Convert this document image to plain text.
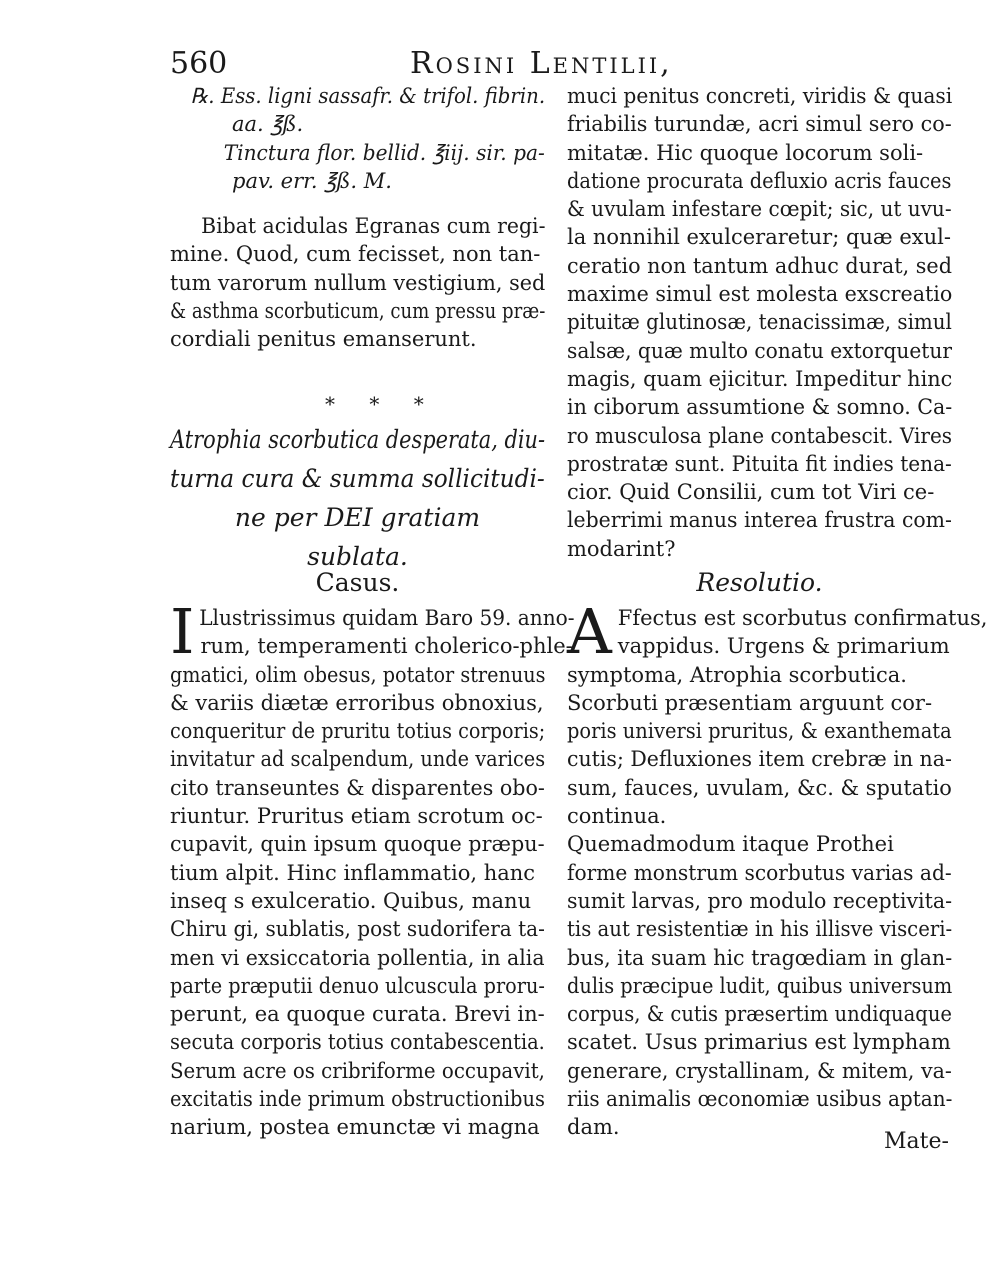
560	Rosini Lentilii,
℞. Ess. ligni sassafr. & trifol. fibrin.
aa. ℥ß.
Tinctura flor. bellid. ℥iij. sir. pa-
pav. err. ℥ß. M.
Bibat acidulas Egranas cum regi-
mine. Quod, cum fecisset, non tan-
tum varorum nullum vestigium, sed
& asthma scorbuticum, cum pressu præ-
cordiali penitus emanserunt.
* * *
Atrophia scorbutica desperata, diu-
turna cura & summa sollicitudi-
ne per DEI gratiam
sublata.
Casus.
I Llustrissimus quidam Baro 59. anno-
rum, temperamenti cholerico-phle-
gmatici, olim obesus, potator strenuus
& variis diætæ erroribus obnoxius,
conqueritur de pruritu totius corporis;
invitatur ad scalpendum, unde varices
cito transeuntes & disparentes obo-
riuntur. Pruritus etiam scrotum oc-
cupavit, quin ipsum quoque præpu-
tium alpit. Hinc inflammatio, hanc
inseq s exulceratio. Quibus, manu
Chiru gi, sublatis, post sudorifera ta-
men vi exsiccatoria pollentia, in alia
parte præputii denuo ulcuscula proru-
perunt, ea quoque curata. Brevi in-
secuta corporis totius contabescentia.
Serum acre os cribriforme occupavit,
excitatis inde primum obstructionibus
narium, postea emunctæ vi magna
muci penitus concreti, viridis & quasi
friabilis turundæ, acri simul sero co-
mitatæ. Hic quoque locorum soli-
datione procurata defluxio acris fauces
& uvulam infestare cœpit; sic, ut uvu-
la nonnihil exulceraretur; quæ exul-
ceratio non tantum adhuc durat, sed
maxime simul est molesta exscreatio
pituitæ glutinosæ, tenacissimæ, simul
salsæ, quæ multo conatu extorquetur
magis, quam ejicitur. Impeditur hinc
in ciborum assumtione & somno. Ca-
ro musculosa plane contabescit. Vires
prostratæ sunt. Pituita fit indies tena-
cior. Quid Consilii, cum tot Viri ce-
leberrimi manus interea frustra com-
modarint?
Resolutio.
A Ffectus est scorbutus confirmatus,
vappidus. Urgens & primarium
symptoma, Atrophia scorbutica.
Scorbuti præsentiam arguunt cor-
poris universi pruritus, & exanthemata
cutis; Defluxiones item crebræ in na-
sum, fauces, uvulam, &c. & sputatio
continua.
Quemadmodum itaque Prothei
forme monstrum scorbutus varias ad-
sumit larvas, pro modulo receptivita-
tis aut resistentiæ in his illisve visceri-
bus, ita suam hic tragœdiam in glan-
dulis præcipue ludit, quibus universum
corpus, & cutis præsertim undiquaque
scatet. Usus primarius est lympham
generare, crystallinam, & mitem, va-
riis animalis œconomiæ usibus aptan-
dam.
Mate-
